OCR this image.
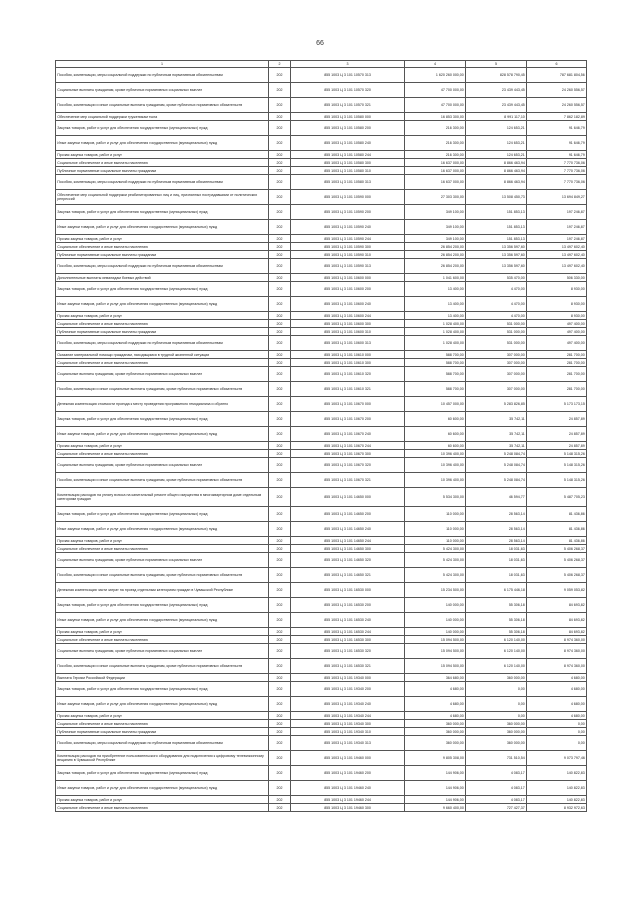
66
1	2	3	4	5	6
Пособия, компенсации, меры социальной поддержки по публичным нормативным обязательствам	202	855 1003 Ц 3 101 10570 313	1 620 260 000,00	828 578 790,45	787 681 804,56
Социальные выплаты гражданам, кроме публичных нормативных социальных выплат	202	855 1003 Ц 3 101 10570 320	47 700 000,00	23 439 443,45	24 260 556,57
Пособия, компенсации и иные социальные выплаты гражданам, кроме публичных нормативных обязательств	202	855 1003 Ц 3 101 10570 321	47 700 000,00	23 439 443,45	24 260 556,57
Обеспечение мер социальной поддержки труженикам тыла	202	855 1003 Ц 3 101 10580 000	16 853 300,00	8 991 117,10	7 862 182,89
Закупка товаров, работ и услуг для обеспечения государственных (муниципальных) нужд	202	855 1003 Ц 3 101 10580 200	216 300,00	124 653,21	91 646,79
Иные закупки товаров, работ и услуг для обеспечения государственных (муниципальных) нужд	202	855 1003 Ц 3 101 10580 240	216 300,00	124 653,21	91 646,79
Прочая закупка товаров, работ и услуг	202	855 1003 Ц 3 101 10580 244	216 300,00	124 653,21	91 646,79
Социальное обеспечение и иные выплаты населению	202	855 1003 Ц 3 101 10580 300	16 637 000,00	8 866 463,94	7 770 736,06
Публичные нормативные социальные выплаты гражданам	202	855 1003 Ц 3 101 10580 310	16 637 000,00	8 866 463,94	7 770 736,06
Пособия, компенсации, меры социальной поддержки по публичным нормативным обязательствам	202	855 1003 Ц 3 101 10580 313	16 637 000,00	8 866 463,94	7 770 736,06
Обеспечение мер социальной поддержки реабилитированных лиц и лиц, признанных пострадавшими от политических репрессий	202	855 1003 Ц 3 101 10590 000	27 303 300,00	13 508 450,73	13 694 849,27
Закупка товаров, работ и услуг для обеспечения государственных (муниципальных) нужд	202	855 1003 Ц 3 101 10590 200	349 100,00	151 853,13	197 246,87
Иные закупки товаров, работ и услуг для обеспечения государственных (муниципальных) нужд	202	855 1003 Ц 3 101 10590 240	349 100,00	151 853,13	197 246,87
Прочая закупка товаров, работ и услуг	202	855 1003 Ц 3 101 10590 244	349 100,00	151 853,13	197 246,87
Социальное обеспечение и иные выплаты населению	202	855 1003 Ц 3 101 10590 300	26 854 200,00	13 356 597,60	13 497 602,40
Публичные нормативные социальные выплаты гражданам	202	855 1003 Ц 3 101 10590 310	26 854 200,00	13 356 597,60	13 497 602,40
Пособия, компенсации, меры социальной поддержки по публичным нормативным обязательствам	202	855 1003 Ц 3 101 10590 313	26 854 200,00	13 356 597,60	13 497 602,40
Дополнительные выплаты инвалидам боевых действий	202	855 1003 Ц 3 101 10600 000	1 041 600,00	535 470,00	506 330,00
Закупка товаров, работ и услуг для обеспечения государственных (муниципальных) нужд	202	855 1003 Ц 3 101 10600 200	13 400,00	4 470,00	8 930,00
Иные закупки товаров, работ и услуг для обеспечения государственных (муниципальных) нужд	202	855 1003 Ц 3 101 10600 240	13 400,00	4 470,00	8 930,00
Прочая закупка товаров, работ и услуг	202	855 1003 Ц 3 101 10600 244	13 400,00	4 470,00	8 930,00
Социальное обеспечение и иные выплаты населению	202	855 1003 Ц 3 101 10600 300	1 028 400,00	531 000,00	497 400,00
Публичные нормативные социальные выплаты гражданам	202	855 1003 Ц 3 101 10600 310	1 028 400,00	531 000,00	497 400,00
Пособия, компенсации, меры социальной поддержки по публичным нормативным обязательствам	202	855 1003 Ц 3 101 10600 313	1 028 400,00	531 000,00	497 400,00
Оказание материальной помощи гражданам, находящимся в трудной жизненной ситуации	202	855 1003 Ц 3 101 10610 000	588 700,00	307 000,00	281 700,00
Социальное обеспечение и иные выплаты населению	202	855 1003 Ц 3 101 10610 300	588 700,00	307 000,00	281 700,00
Социальные выплаты гражданам, кроме публичных нормативных социальных выплат	202	855 1003 Ц 3 101 10610 320	588 700,00	307 000,00	281 700,00
Пособия, компенсации и иные социальные выплаты гражданам, кроме публичных нормативных обязательств	202	855 1003 Ц 3 101 10610 321	588 700,00	307 000,00	281 700,00
Денежная компенсация стоимости проезда к месту проведения программного гемодиализа и обратно	202	855 1003 Ц 3 101 10670 000	10 457 000,00	5 283 826,85	5 173 173,15
Закупка товаров, работ и услуг для обеспечения государственных (муниципальных) нужд	202	855 1003 Ц 3 101 10670 200	60 600,00	35 742,11	24 857,89
Иные закупки товаров, работ и услуг для обеспечения государственных (муниципальных) нужд	202	855 1003 Ц 3 101 10670 240	60 600,00	35 742,11	24 857,89
Прочая закупка товаров, работ и услуг	202	855 1003 Ц 3 101 10670 244	60 600,00	35 742,11	24 857,89
Социальное обеспечение и иные выплаты населению	202	855 1003 Ц 3 101 10670 300	10 396 400,00	5 248 084,74	5 148 315,26
Социальные выплаты гражданам, кроме публичных нормативных социальных выплат	202	855 1003 Ц 3 101 10670 320	10 396 400,00	5 248 084,74	5 148 315,26
Пособия, компенсации и иные социальные выплаты гражданам, кроме публичных нормативных обязательств	202	855 1003 Ц 3 101 10670 321	10 396 400,00	5 248 084,74	5 148 315,26
Компенсация расходов на уплату взноса на капитальный ремонт общего имущества в многоквартирном доме отдельным категориям граждан	202	855 1003 Ц 3 101 14650 000	5 534 300,00	46 594,77	5 487 705,23
Закупка товаров, работ и услуг для обеспечения государственных (муниципальных) нужд	202	855 1003 Ц 3 101 14650 200	110 000,00	28 563,14	81 436,86
Иные закупки товаров, работ и услуг для обеспечения государственных (муниципальных) нужд	202	855 1003 Ц 3 101 14650 240	110 000,00	28 563,14	81 436,86
Прочая закупка товаров, работ и услуг	202	855 1003 Ц 3 101 14650 244	110 000,00	28 563,14	81 436,86
Социальное обеспечение и иные выплаты населению	202	855 1003 Ц 3 101 14650 300	5 424 300,00	18 031,63	5 406 268,37
Социальные выплаты гражданам, кроме публичных нормативных социальных выплат	202	855 1003 Ц 3 101 14650 320	5 424 300,00	18 031,63	5 406 268,37
Пособия, компенсации и иные социальные выплаты гражданам, кроме публичных нормативных обязательств	202	855 1003 Ц 3 101 14650 321	5 424 300,00	18 031,63	5 406 268,37
Денежная компенсация части затрат на проезд отдельным категориям граждан в Чувашской Республике	202	855 1003 Ц 3 101 16530 000	15 234 500,00	6 175 446,18	9 059 053,82
Закупка товаров, работ и услуг для обеспечения государственных (муниципальных) нужд	202	855 1003 Ц 3 101 16530 200	140 000,00	55 306,18	84 693,82
Иные закупки товаров, работ и услуг для обеспечения государственных (муниципальных) нужд	202	855 1003 Ц 3 101 16530 240	140 000,00	55 306,18	84 693,82
Прочая закупка товаров, работ и услуг	202	855 1003 Ц 3 101 16530 244	140 000,00	55 306,18	84 693,82
Социальное обеспечение и иные выплаты населению	202	855 1003 Ц 3 101 16530 300	15 094 500,00	6 120 140,00	8 974 360,00
Социальные выплаты гражданам, кроме публичных нормативных социальных выплат	202	855 1003 Ц 3 101 16530 320	15 094 500,00	6 120 140,00	8 974 360,00
Пособия, компенсации и иные социальные выплаты гражданам, кроме публичных нормативных обязательств	202	855 1003 Ц 3 101 16530 321	15 094 500,00	6 120 140,00	8 974 360,00
Выплата Героям Российской Федерации	202	855 1003 Ц 3 101 19340 000	364 680,00	360 000,00	4 680,00
Закупка товаров, работ и услуг для обеспечения государственных (муниципальных) нужд	202	855 1003 Ц 3 101 19340 200	4 680,00	0,00	4 680,00
Иные закупки товаров, работ и услуг для обеспечения государственных (муниципальных) нужд	202	855 1003 Ц 3 101 19340 240	4 680,00	0,00	4 680,00
Прочая закупка товаров, работ и услуг	202	855 1003 Ц 3 101 19340 244	4 680,00	0,00	4 680,00
Социальное обеспечение и иные выплаты населению	202	855 1003 Ц 3 101 19340 300	360 000,00	360 000,00	0,00
Публичные нормативные социальные выплаты гражданам	202	855 1003 Ц 3 101 19340 310	360 000,00	360 000,00	0,00
Пособия, компенсации, меры социальной поддержки по публичным нормативным обязательствам	202	855 1003 Ц 3 101 19340 313	360 000,00	360 000,00	0,00
Компенсация расходов на приобретение пользовательского оборудования для подключения к цифровому телевизионному вещанию в Чувашской Республике	202	855 1003 Ц 3 101 19460 000	9 805 308,00	731 510,54	9 073 797,46
Закупка товаров, работ и услуг для обеспечения государственных (муниципальных) нужд	202	855 1003 Ц 3 101 19460 200	144 906,00	4 083,17	140 822,83
Иные закупки товаров, работ и услуг для обеспечения государственных (муниципальных) нужд	202	855 1003 Ц 3 101 19460 240	144 906,00	4 083,17	140 822,83
Прочая закупка товаров, работ и услуг	202	855 1003 Ц 3 101 19460 244	144 906,00	4 083,17	140 822,83
Социальное обеспечение и иные выплаты населению	202	855 1003 Ц 3 101 19460 300	9 660 400,00	727 427,37	8 932 972,63
